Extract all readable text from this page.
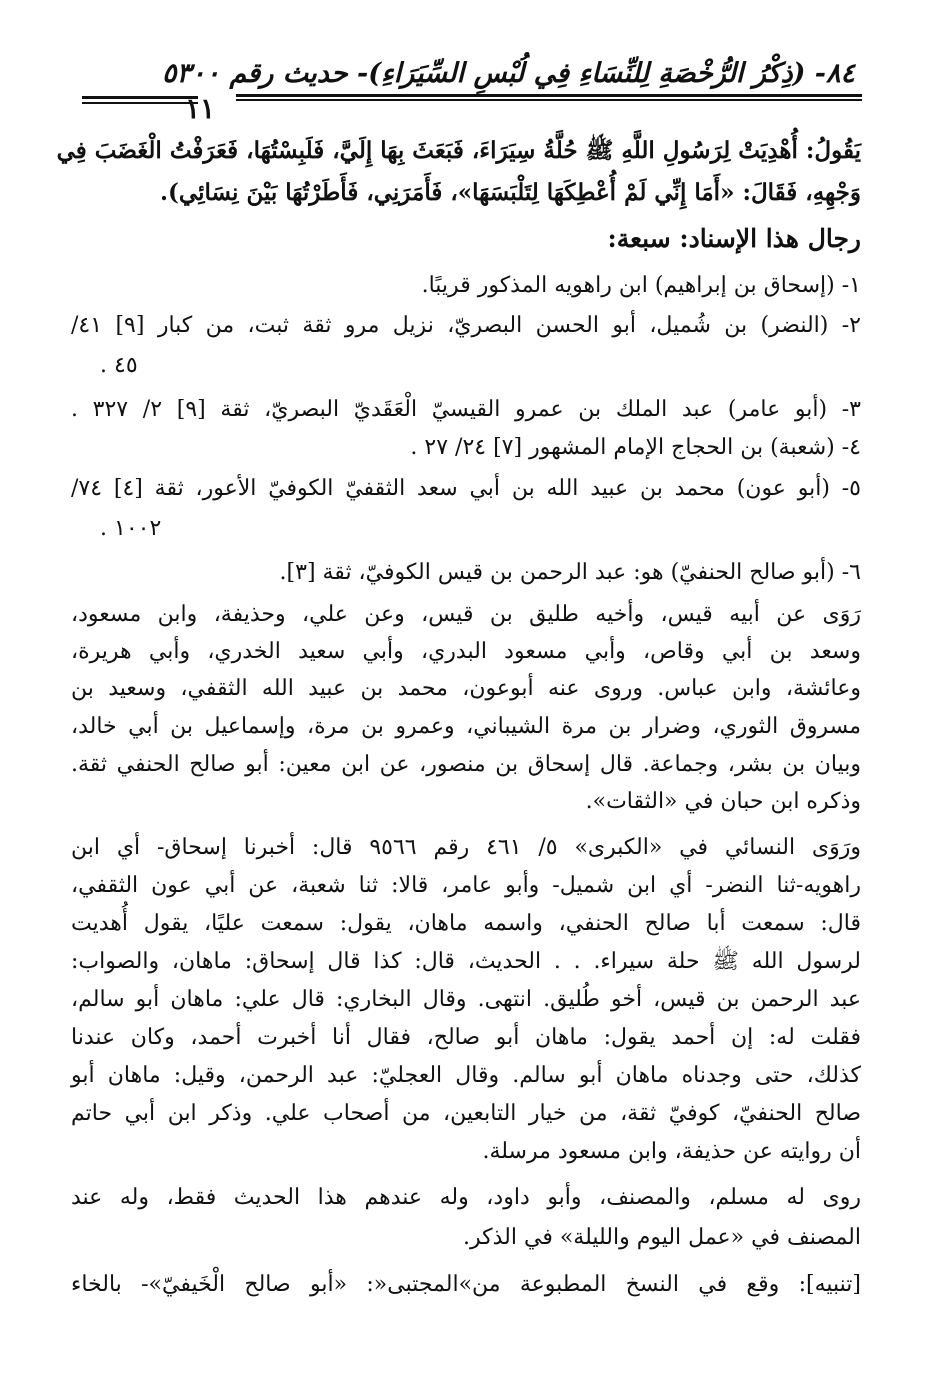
٨٤- (ذِكْرُ الرُّخْصَةِ لِلنِّسَاءِ فِي لُبْسِ السِّيَرَاءِ)- حديث رقم ٥٣٠٠
١١
يَقُولُ: أُهْدِيَتْ لِرَسُولِ اللَّهِ ﷺ حُلَّةُ سِيَرَاءَ، فَبَعَثَ بِهَا إِلَيَّ، فَلَبِسْتُهَا، فَعَرَفْتُ الْغَضَبَ فِي
وَجْهِهِ، فَقَالَ: «أَمَا إِنِّي لَمْ أُعْطِكَهَا لِتَلْبَسَهَا»، فَأَمَرَنِي، فَأَطَرْتُهَا بَيْنَ نِسَائِي).
رجال هذا الإسناد: سبعة:
١- (إسحاق بن إبراهيم) ابن راهويه المذكور قريبًا.
٢- (النضر) بن شُميل، أبو الحسن البصريّ، نزيل مرو ثقة ثبت، من كبار [٩] ٤١/
٤٥ .
٣- (أبو عامر) عبد الملك بن عمرو القيسيّ الْعَقَديّ البصريّ، ثقة [٩] ٢/ ٣٢٧ .
٤- (شعبة) بن الحجاج الإمام المشهور [٧] ٢٤/ ٢٧ .
٥- (أبو عون) محمد بن عبيد الله بن أبي سعد الثقفيّ الكوفيّ الأعور، ثقة [٤] ٧٤/
١٠٠٢ .
٦- (أبو صالح الحنفيّ) هو: عبد الرحمن بن قيس الكوفيّ، ثقة [٣].
رَوَى عن أبيه قيس، وأخيه طليق بن قيس، وعن علي، وحذيفة، وابن مسعود،
وسعد بن أبي وقاص، وأبي مسعود البدري، وأبي سعيد الخدري، وأبي هريرة،
وعائشة، وابن عباس. وروى عنه أبوعون، محمد بن عبيد الله الثقفي، وسعيد بن
مسروق الثوري، وضرار بن مرة الشيباني، وعمرو بن مرة، وإسماعيل بن أبي خالد،
وبيان بن بشر، وجماعة. قال إسحاق بن منصور، عن ابن معين: أبو صالح الحنفي ثقة.
وذكره ابن حبان في «الثقات».
ورَوَى النسائي في «الكبرى» ٥/ ٤٦١ رقم ٩٥٦٦ قال: أخبرنا إسحاق- أي ابن
راهويه-ثنا النضر- أي ابن شميل- وأبو عامر، قالا: ثنا شعبة، عن أبي عون الثقفي،
قال: سمعت أبا صالح الحنفي، واسمه ماهان، يقول: سمعت عليًا، يقول أُهديت
لرسول الله ﷺ حلة سيراء. . . الحديث، قال: كذا قال إسحاق: ماهان، والصواب:
عبد الرحمن بن قيس، أخو طُليق. انتهى. وقال البخاري: قال علي: ماهان أبو سالم،
فقلت له: إن أحمد يقول: ماهان أبو صالح، فقال أنا أخبرت أحمد، وكان عندنا
كذلك، حتى وجدناه ماهان أبو سالم. وقال العجليّ: عبد الرحمن، وقيل: ماهان أبو
صالح الحنفيّ، كوفيّ ثقة، من خيار التابعين، من أصحاب علي. وذكر ابن أبي حاتم
أن روايته عن حذيفة، وابن مسعود مرسلة.
روى له مسلم، والمصنف، وأبو داود، وله عندهم هذا الحديث فقط، وله عند
المصنف في «عمل اليوم والليلة» في الذكر.
[تنبيه]: وقع في النسخ المطبوعة من»المجتبى«: «أبو صالح الْخَيفيّ»- بالخاء
